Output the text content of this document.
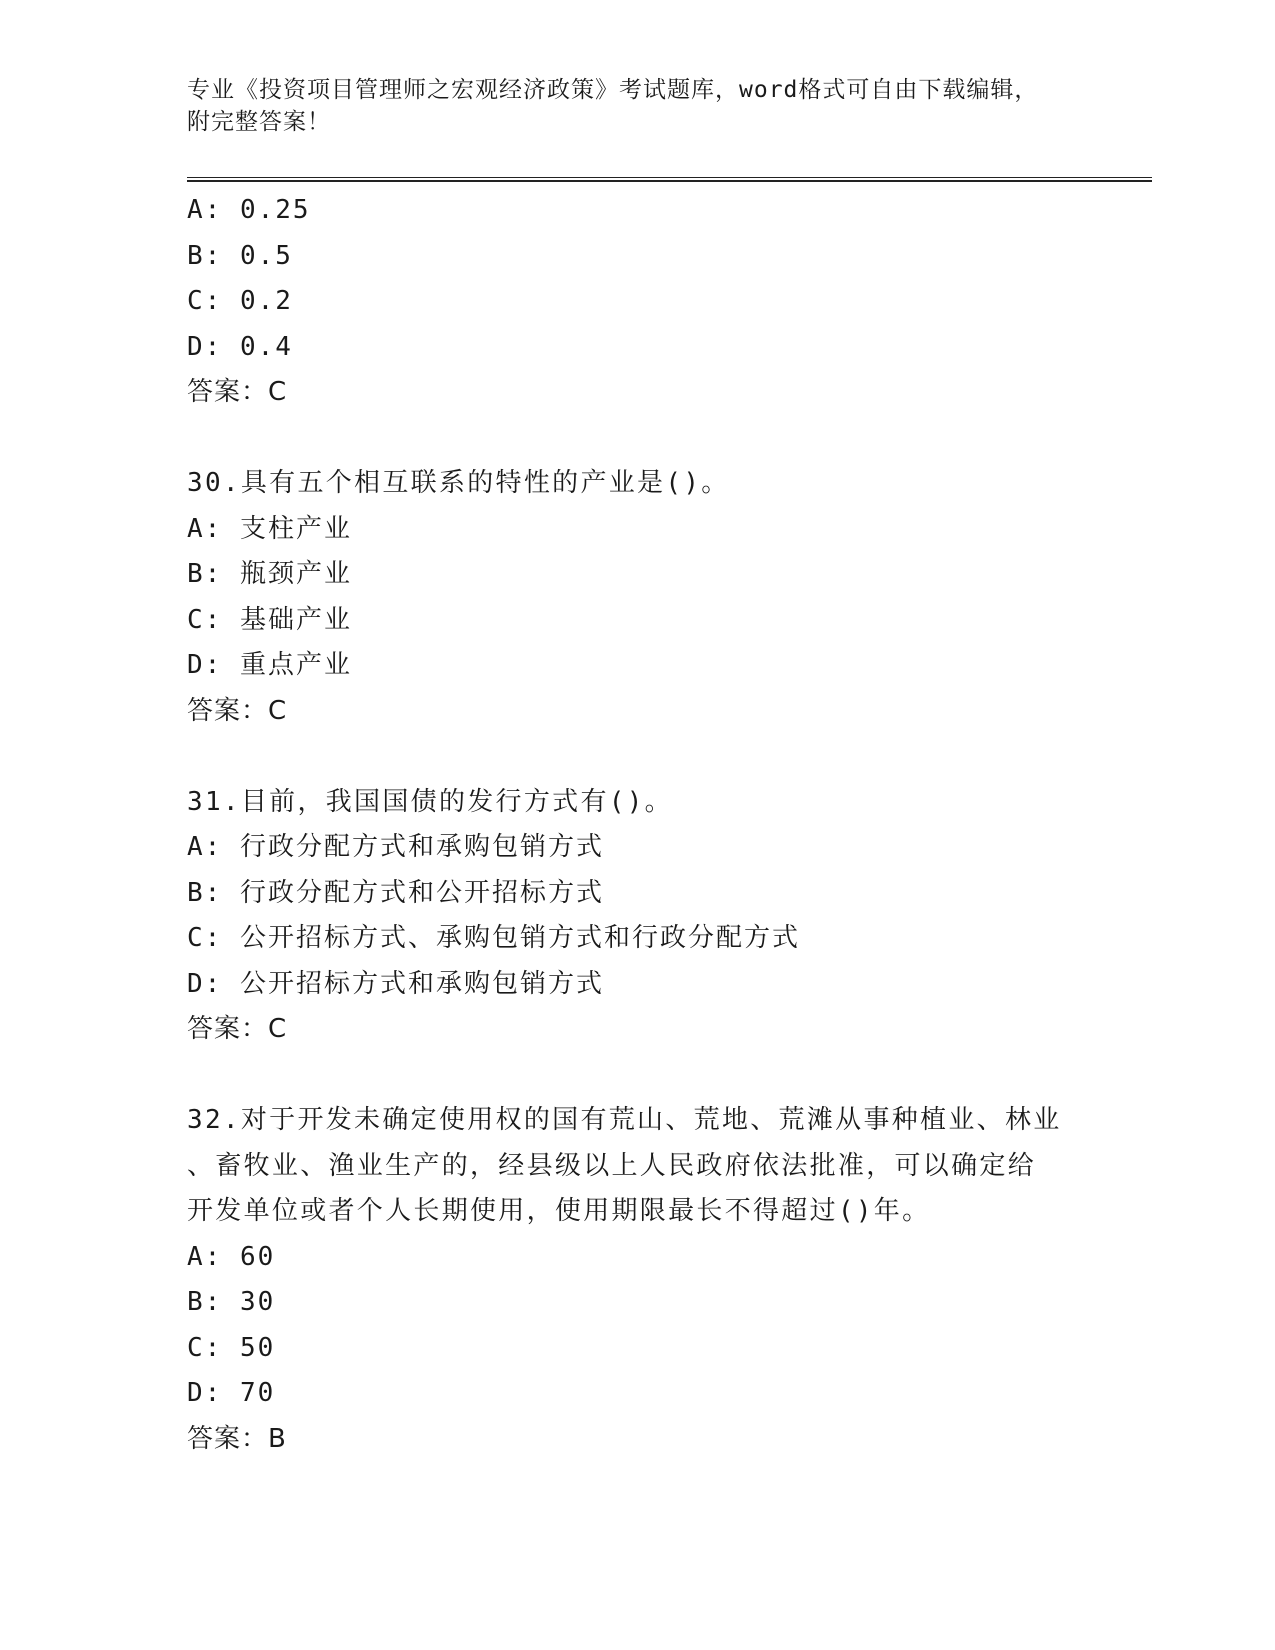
专业《投资项目管理师之宏观经济政策》考试题库，word格式可自由下载编辑，
附完整答案！
A: 0.25
B: 0.5
C: 0.2
D: 0.4
答案：C
30.具有五个相互联系的特性的产业是()。
A: 支柱产业
B: 瓶颈产业
C: 基础产业
D: 重点产业
答案：C
31.目前，我国国债的发行方式有()。
A: 行政分配方式和承购包销方式
B: 行政分配方式和公开招标方式
C: 公开招标方式、承购包销方式和行政分配方式
D: 公开招标方式和承购包销方式
答案：C
32.对于开发未确定使用权的国有荒山、荒地、荒滩从事种植业、林业
、畜牧业、渔业生产的，经县级以上人民政府依法批准，可以确定给
开发单位或者个人长期使用，使用期限最长不得超过()年。
A: 60
B: 30
C: 50
D: 70
答案：B
